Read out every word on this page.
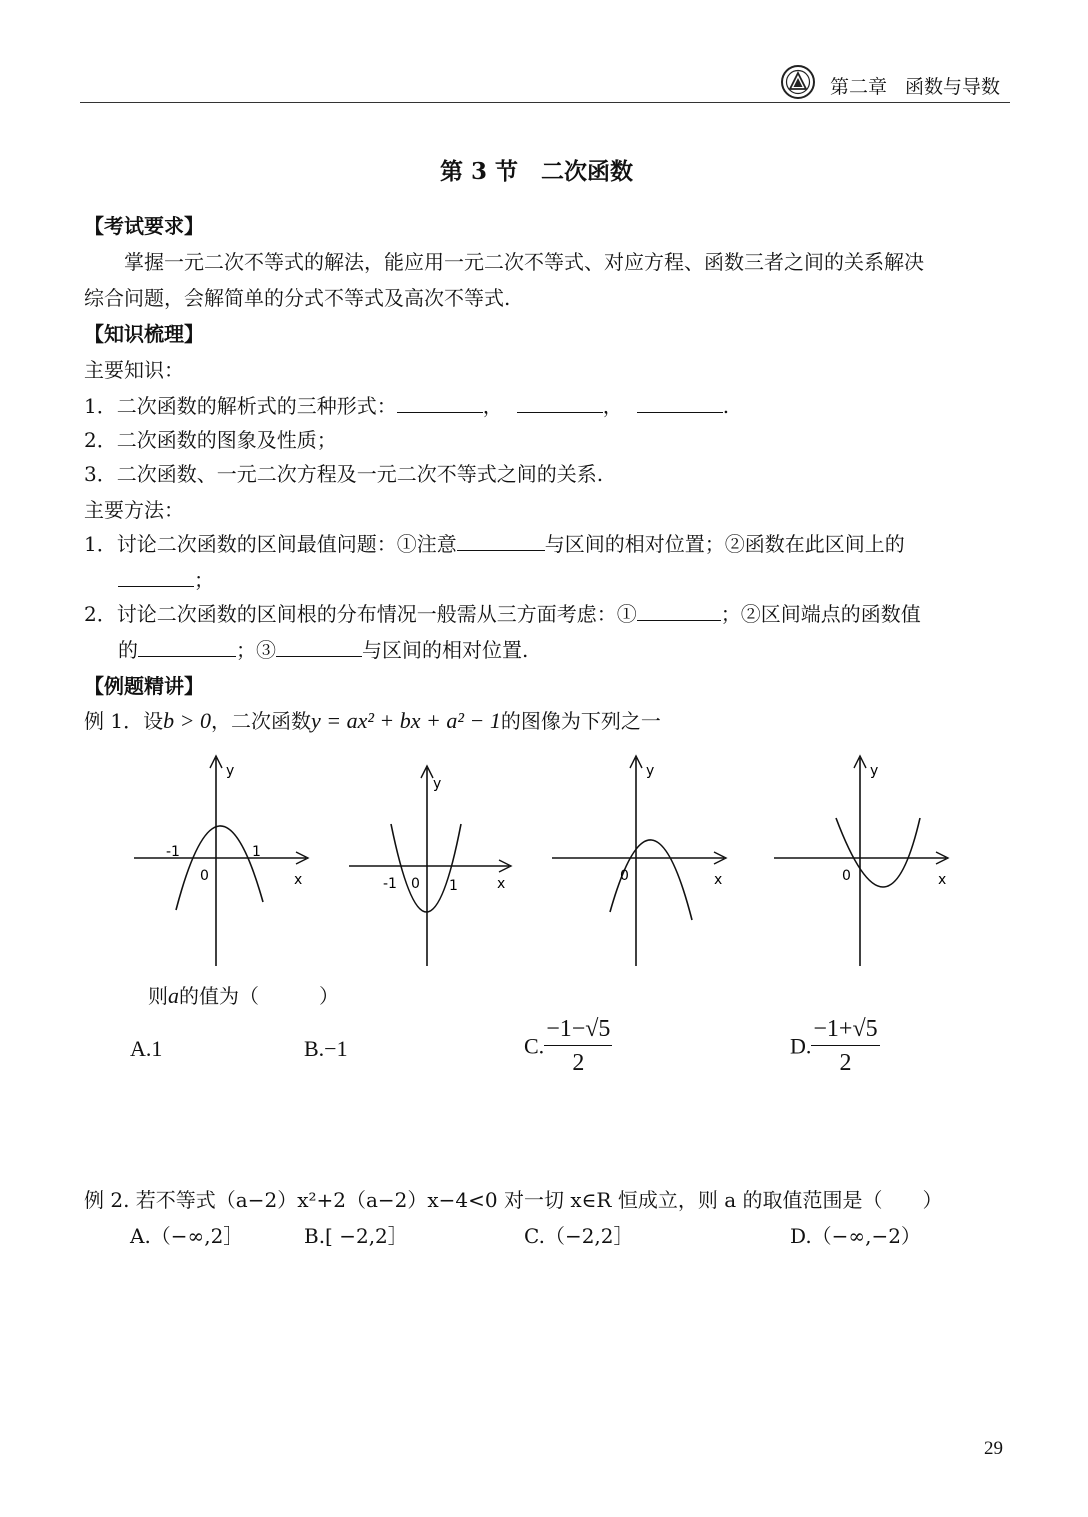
第二章 函数与导数
第 3 节　二次函数
【考试要求】
掌握一元二次不等式的解法，能应用一元二次不等式、对应方程、函数三者之间的关系解决
综合问题，会解简单的分式不等式及高次不等式.
【知识梳理】
主要知识：
1．二次函数的解析式的三种形式：	，	，	.
2．二次函数的图象及性质；
3．二次函数、一元二次方程及一元二次不等式之间的关系.
主要方法：
1．讨论二次函数的区间最值问题：①注意	与区间的相对位置；②函数在此区间上的
；
2．讨论二次函数的区间根的分布情况一般需从三方面考虑：①	；②区间端点的函数值
的	；③	与区间的相对位置.
【例题精讲】
例 1．设b > 0，二次函数y = ax² + bx + a² − 1的图像为下列之一
y
x
0
-1	1
y
x
0
-1	1
y
x
0
y
x
0
则a的值为（　　　）
A.1	B.−1	C. $\frac{-1-√5}{2}$	D. $\frac{-1+√5}{2}$
例 2. 若不等式（a−2）x²+2（a−2）x−4<0 对一切 x∈R 恒成立，则 a 的取值范围是（　　）
A.（−∞,2］	B.[ −2,2］	C.（−2,2］	D.（−∞,−2）
29
